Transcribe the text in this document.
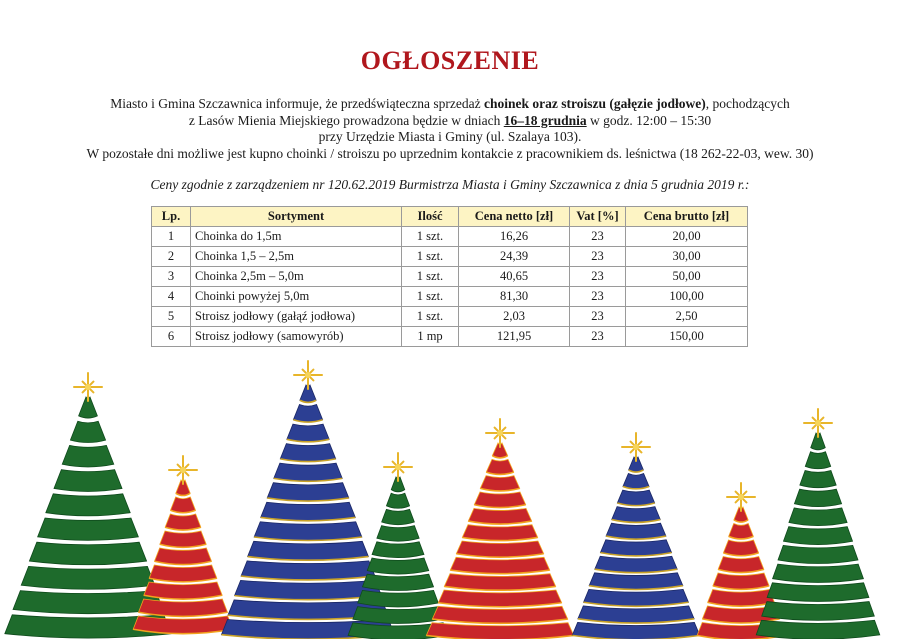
OGŁOSZENIE
Miasto i Gmina Szczawnica informuje, że przedświąteczna sprzedaż choinek oraz stroiszu (gałęzie jodłowe), pochodzących
z Lasów Mienia Miejskiego prowadzona będzie w dniach 16–18 grudnia w godz. 12:00 – 15:30
przy Urzędzie Miasta i Gminy (ul. Szalaya 103).
W pozostałe dni możliwe jest kupno choinki / stroiszu po uprzednim kontakcie z pracownikiem ds. leśnictwa (18 262-22-03, wew. 30)
Ceny zgodnie z zarządzeniem nr 120.62.2019 Burmistrza Miasta i Gminy Szczawnica z dnia 5 grudnia 2019 r.:
Lp.	Sortyment	Ilość	Cena netto [zł]	Vat [%]	Cena brutto [zł]
1	Choinka do 1,5m	1 szt.	16,26	23	20,00
2	Choinka 1,5 – 2,5m	1 szt.	24,39	23	30,00
3	Choinka 2,5m – 5,0m	1 szt.	40,65	23	50,00
4	Choinki powyżej 5,0m	1 szt.	81,30	23	100,00
5	Stroisz jodłowy (gałąź jodłowa)	1 szt.	2,03	23	2,50
6	Stroisz jodłowy (samowyrób)	1 mp	121,95	23	150,00
